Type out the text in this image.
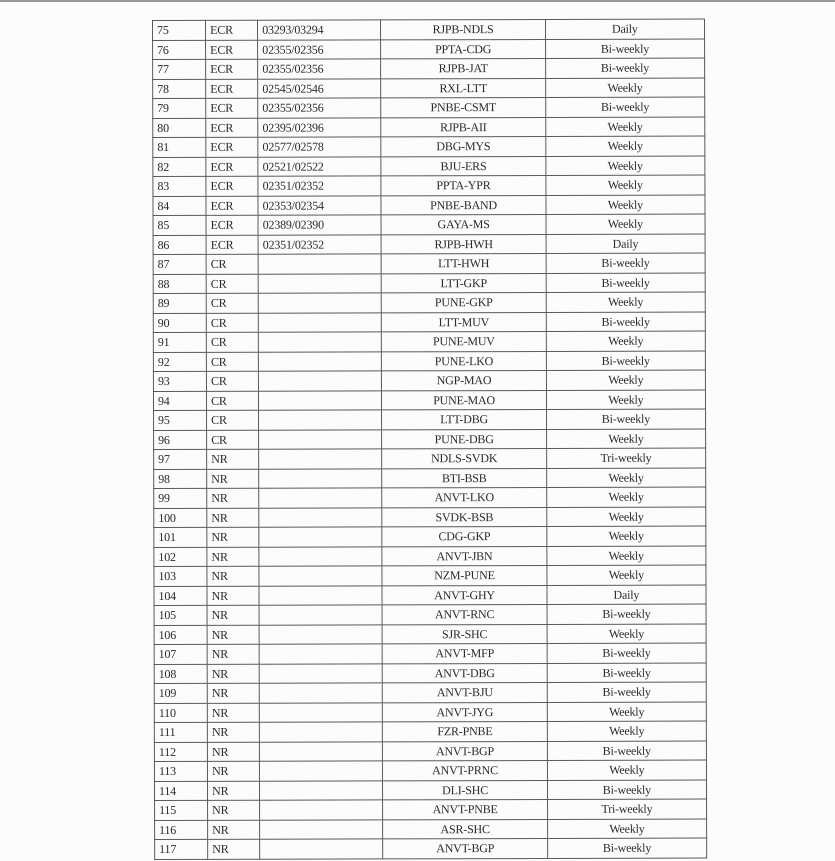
75	ECR	03293/03294	RJPB-NDLS	Daily
76	ECR	02355/02356	PPTA-CDG	Bi-weekly
77	ECR	02355/02356	RJPB-JAT	Bi-weekly
78	ECR	02545/02546	RXL-LTT	Weekly
79	ECR	02355/02356	PNBE-CSMT	Bi-weekly
80	ECR	02395/02396	RJPB-AII	Weekly
81	ECR	02577/02578	DBG-MYS	Weekly
82	ECR	02521/02522	BJU-ERS	Weekly
83	ECR	02351/02352	PPTA-YPR	Weekly
84	ECR	02353/02354	PNBE-BAND	Weekly
85	ECR	02389/02390	GAYA-MS	Weekly
86	ECR	02351/02352	RJPB-HWH	Daily
87	CR		LTT-HWH	Bi-weekly
88	CR		LTT-GKP	Bi-weekly
89	CR		PUNE-GKP	Weekly
90	CR		LTT-MUV	Bi-weekly
91	CR		PUNE-MUV	Weekly
92	CR		PUNE-LKO	Bi-weekly
93	CR		NGP-MAO	Weekly
94	CR		PUNE-MAO	Weekly
95	CR		LTT-DBG	Bi-weekly
96	CR		PUNE-DBG	Weekly
97	NR		NDLS-SVDK	Tri-weekly
98	NR		BTI-BSB	Weekly
99	NR		ANVT-LKO	Weekly
100	NR		SVDK-BSB	Weekly
101	NR		CDG-GKP	Weekly
102	NR		ANVT-JBN	Weekly
103	NR		NZM-PUNE	Weekly
104	NR		ANVT-GHY	Daily
105	NR		ANVT-RNC	Bi-weekly
106	NR		SJR-SHC	Weekly
107	NR		ANVT-MFP	Bi-weekly
108	NR		ANVT-DBG	Bi-weekly
109	NR		ANVT-BJU	Bi-weekly
110	NR		ANVT-JYG	Weekly
111	NR		FZR-PNBE	Weekly
112	NR		ANVT-BGP	Bi-weekly
113	NR		ANVT-PRNC	Weekly
114	NR		DLI-SHC	Bi-weekly
115	NR		ANVT-PNBE	Tri-weekly
116	NR		ASR-SHC	Weekly
117	NR		ANVT-BGP	Bi-weekly
